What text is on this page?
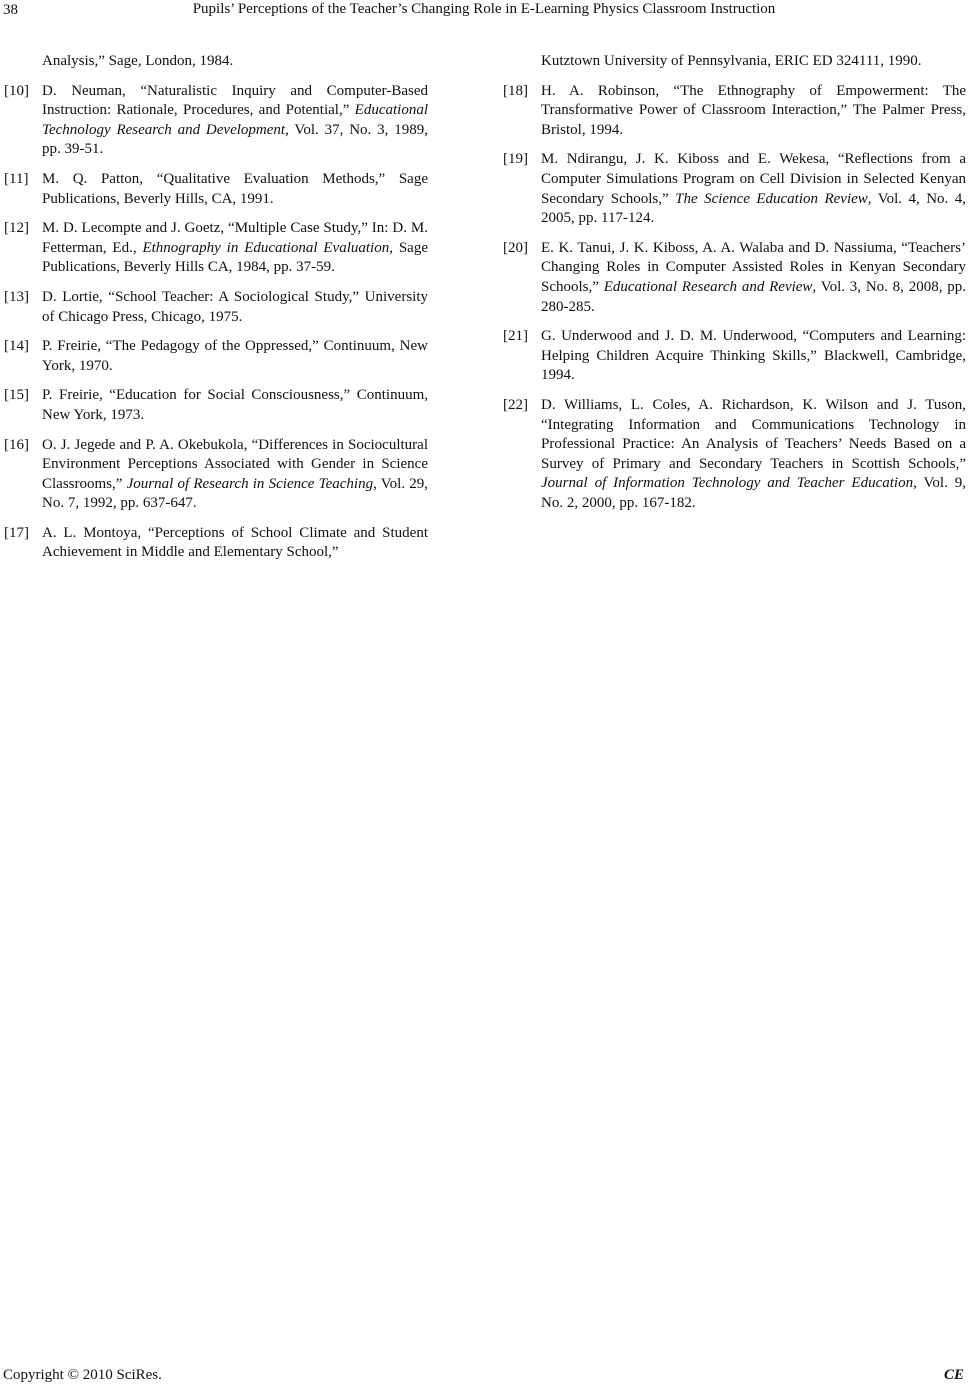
38	Pupils’ Perceptions of the Teacher’s Changing Role in E-Learning Physics Classroom Instruction
Analysis,” Sage, London, 1984.
[10] D. Neuman, “Naturalistic Inquiry and Computer-Based Instruction: Rationale, Procedures, and Potential,” Educational Technology Research and Development, Vol. 37, No. 3, 1989, pp. 39-51.
[11] M. Q. Patton, “Qualitative Evaluation Methods,” Sage Publications, Beverly Hills, CA, 1991.
[12] M. D. Lecompte and J. Goetz, “Multiple Case Study,” In: D. M. Fetterman, Ed., Ethnography in Educational Evaluation, Sage Publications, Beverly Hills CA, 1984, pp. 37-59.
[13] D. Lortie, “School Teacher: A Sociological Study,” University of Chicago Press, Chicago, 1975.
[14] P. Freirie, “The Pedagogy of the Oppressed,” Continuum, New York, 1970.
[15] P. Freirie, “Education for Social Consciousness,” Continuum, New York, 1973.
[16] O. J. Jegede and P. A. Okebukola, “Differences in Sociocultural Environment Perceptions Associated with Gender in Science Classrooms,” Journal of Research in Science Teaching, Vol. 29, No. 7, 1992, pp. 637-647.
[17] A. L. Montoya, “Perceptions of School Climate and Student Achievement in Middle and Elementary School,”
Kutztown University of Pennsylvania, ERIC ED 324111, 1990.
[18] H. A. Robinson, “The Ethnography of Empowerment: The Transformative Power of Classroom Interaction,” The Palmer Press, Bristol, 1994.
[19] M. Ndirangu, J. K. Kiboss and E. Wekesa, “Reflections from a Computer Simulations Program on Cell Division in Selected Kenyan Secondary Schools,” The Science Education Review, Vol. 4, No. 4, 2005, pp. 117-124.
[20] E. K. Tanui, J. K. Kiboss, A. A. Walaba and D. Nassiuma, “Teachers’ Changing Roles in Computer Assisted Roles in Kenyan Secondary Schools,” Educational Research and Review, Vol. 3, No. 8, 2008, pp. 280-285.
[21] G. Underwood and J. D. M. Underwood, “Computers and Learning: Helping Children Acquire Thinking Skills,” Blackwell, Cambridge, 1994.
[22] D. Williams, L. Coles, A. Richardson, K. Wilson and J. Tuson, “Integrating Information and Communications Technology in Professional Practice: An Analysis of Teachers’ Needs Based on a Survey of Primary and Secondary Teachers in Scottish Schools,” Journal of Information Technology and Teacher Education, Vol. 9, No. 2, 2000, pp. 167-182.
Copyright © 2010 SciRes.	CE
